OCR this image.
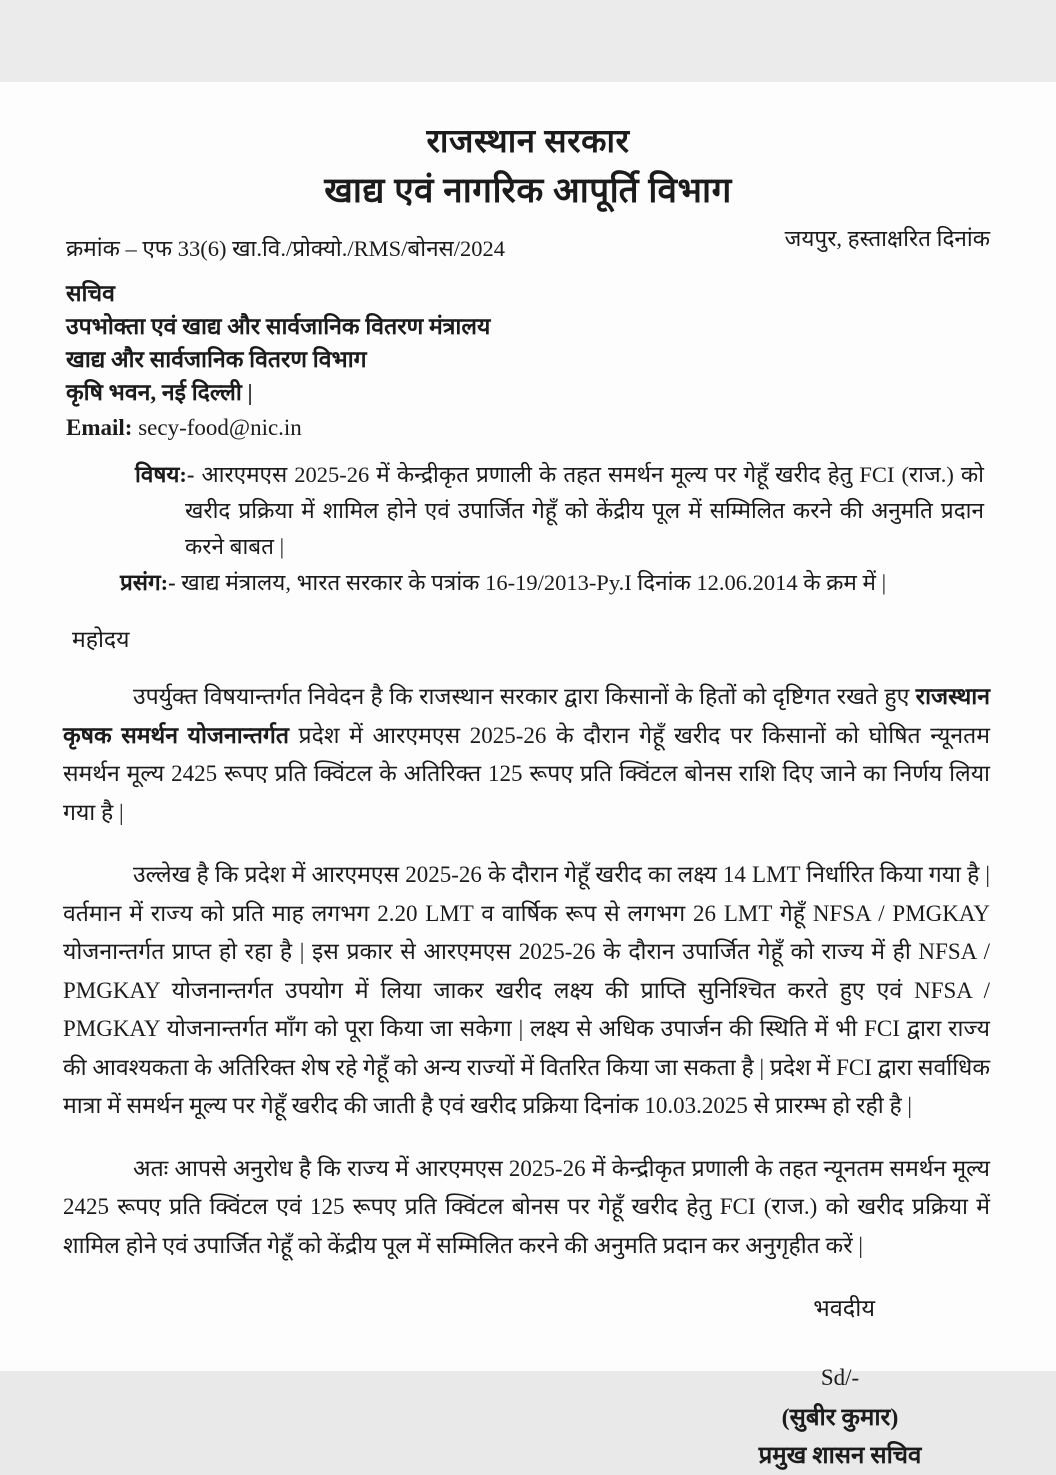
राजस्थान सरकार
खाद्य एवं नागरिक आपूर्ति विभाग
क्रमांक – एफ 33(6) खा.वि./प्रोक्यो./RMS/बोनस/2024	जयपुर, हस्ताक्षरित दिनांक
सचिव
उपभोक्ता एवं खाद्य और सार्वजानिक वितरण मंत्रालय
खाद्य और सार्वजानिक वितरण विभाग
कृषि भवन, नई दिल्ली |
Email: secy-food@nic.in
विषय:- आरएमएस 2025-26 में केन्द्रीकृत प्रणाली के तहत समर्थन मूल्य पर गेहूँ खरीद हेतु FCI (राज.) को खरीद प्रक्रिया में शामिल होने एवं उपार्जित गेहूँ को केंद्रीय पूल में सम्मिलित करने की अनुमति प्रदान करने बाबत |
प्रसंग:- खाद्य मंत्रालय, भारत सरकार के पत्रांक 16-19/2013-Py.I दिनांक 12.06.2014 के क्रम में |
महोदय

उपर्युक्त विषयान्तर्गत निवेदन है कि राजस्थान सरकार द्वारा किसानों के हितों को दृष्टिगत रखते हुए राजस्थान कृषक समर्थन योजनान्तर्गत प्रदेश में आरएमएस 2025-26 के दौरान गेहूँ खरीद पर किसानों को घोषित न्यूनतम समर्थन मूल्य 2425 रूपए प्रति क्विंटल के अतिरिक्त 125 रूपए प्रति क्विंटल बोनस राशि दिए जाने का निर्णय लिया गया है |

उल्लेख है कि प्रदेश में आरएमएस 2025-26 के दौरान गेहूँ खरीद का लक्ष्य 14 LMT निर्धारित किया गया है | वर्तमान में राज्य को प्रति माह लगभग 2.20 LMT व वार्षिक रूप से लगभग 26 LMT गेहूँ NFSA / PMGKAY योजनान्तर्गत प्राप्त हो रहा है | इस प्रकार से आरएमएस 2025-26 के दौरान उपार्जित गेहूँ को राज्य में ही NFSA / PMGKAY योजनान्तर्गत उपयोग में लिया जाकर खरीद लक्ष्य की प्राप्ति सुनिश्चित करते हुए एवं NFSA / PMGKAY योजनान्तर्गत माँग को पूरा किया जा सकेगा | लक्ष्य से अधिक उपार्जन की स्थिति में भी FCI द्वारा राज्य की आवश्यकता के अतिरिक्त शेष रहे गेहूँ को अन्य राज्यों में वितरित किया जा सकता है | प्रदेश में FCI द्वारा सर्वाधिक मात्रा में समर्थन मूल्य पर गेहूँ खरीद की जाती है एवं खरीद प्रक्रिया दिनांक 10.03.2025 से प्रारम्भ हो रही है |

अतः आपसे अनुरोध है कि राज्य में आरएमएस 2025-26 में केन्द्रीकृत प्रणाली के तहत न्यूनतम समर्थन मूल्य 2425 रूपए प्रति क्विंटल एवं 125 रूपए प्रति क्विंटल बोनस पर गेहूँ खरीद हेतु FCI (राज.) को खरीद प्रक्रिया में शामिल होने एवं उपार्जित गेहूँ को केंद्रीय पूल में सम्मिलित करने की अनुमति प्रदान कर अनुगृहीत करें |

भवदीय
Sd/-
(सुबीर कुमार)
प्रमुख शासन सचिव
